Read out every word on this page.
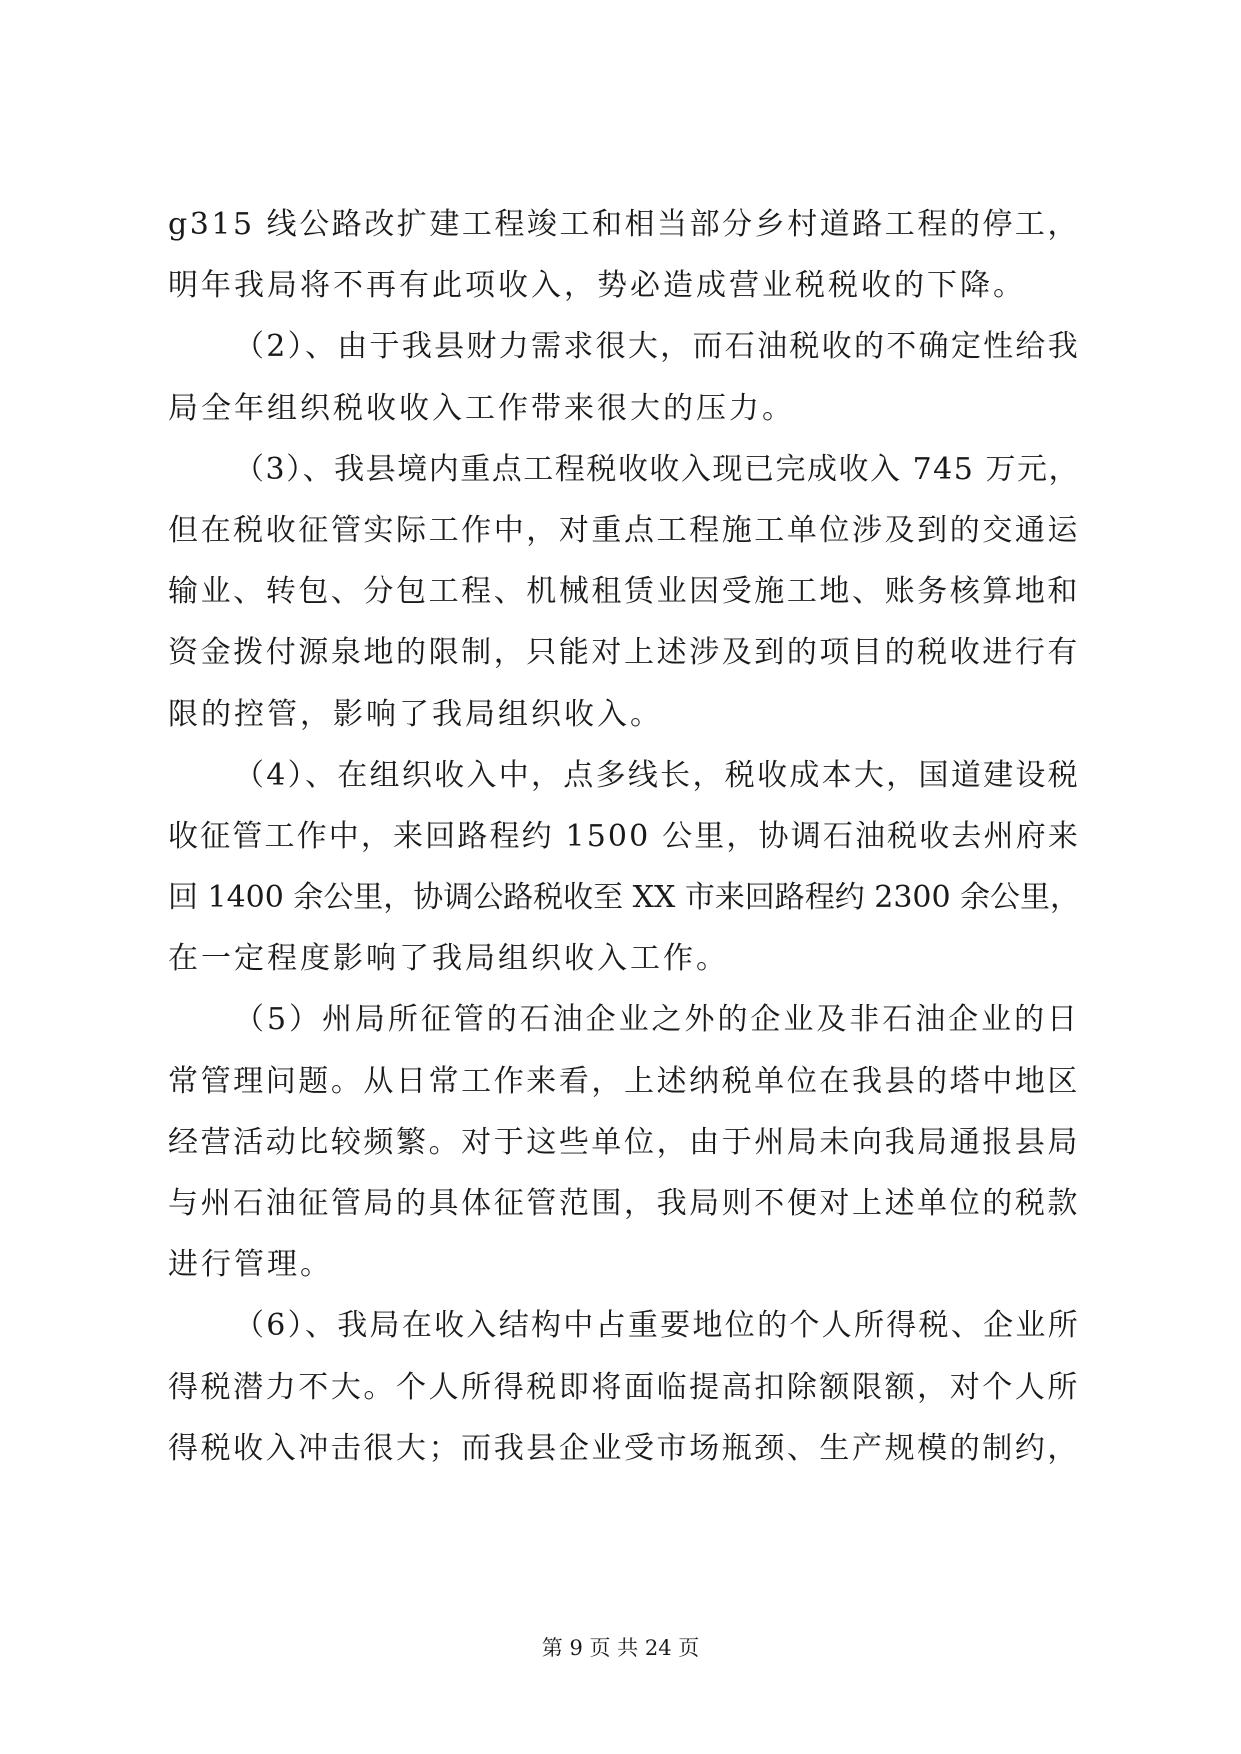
g315 线公路改扩建工程竣工和相当部分乡村道路工程的停工，
明年我局将不再有此项收入，势必造成营业税税收的下降。
（2）、由于我县财力需求很大，而石油税收的不确定性给我
局全年组织税收收入工作带来很大的压力。
（3）、我县境内重点工程税收收入现已完成收入 745 万元，
但在税收征管实际工作中，对重点工程施工单位涉及到的交通运
输业、转包、分包工程、机械租赁业因受施工地、账务核算地和
资金拨付源泉地的限制，只能对上述涉及到的项目的税收进行有
限的控管，影响了我局组织收入。
（4）、在组织收入中，点多线长，税收成本大，国道建设税
收征管工作中，来回路程约 1500 公里，协调石油税收去州府来
回 1400 余公里，协调公路税收至 XX 市来回路程约 2300 余公里，
在一定程度影响了我局组织收入工作。
（5）州局所征管的石油企业之外的企业及非石油企业的日
常管理问题。从日常工作来看，上述纳税单位在我县的塔中地区
经营活动比较频繁。对于这些单位，由于州局未向我局通报县局
与州石油征管局的具体征管范围，我局则不便对上述单位的税款
进行管理。
（6）、我局在收入结构中占重要地位的个人所得税、企业所
得税潜力不大。个人所得税即将面临提高扣除额限额，对个人所
得税收入冲击很大；而我县企业受市场瓶颈、生产规模的制约，
第 9 页 共 24 页
